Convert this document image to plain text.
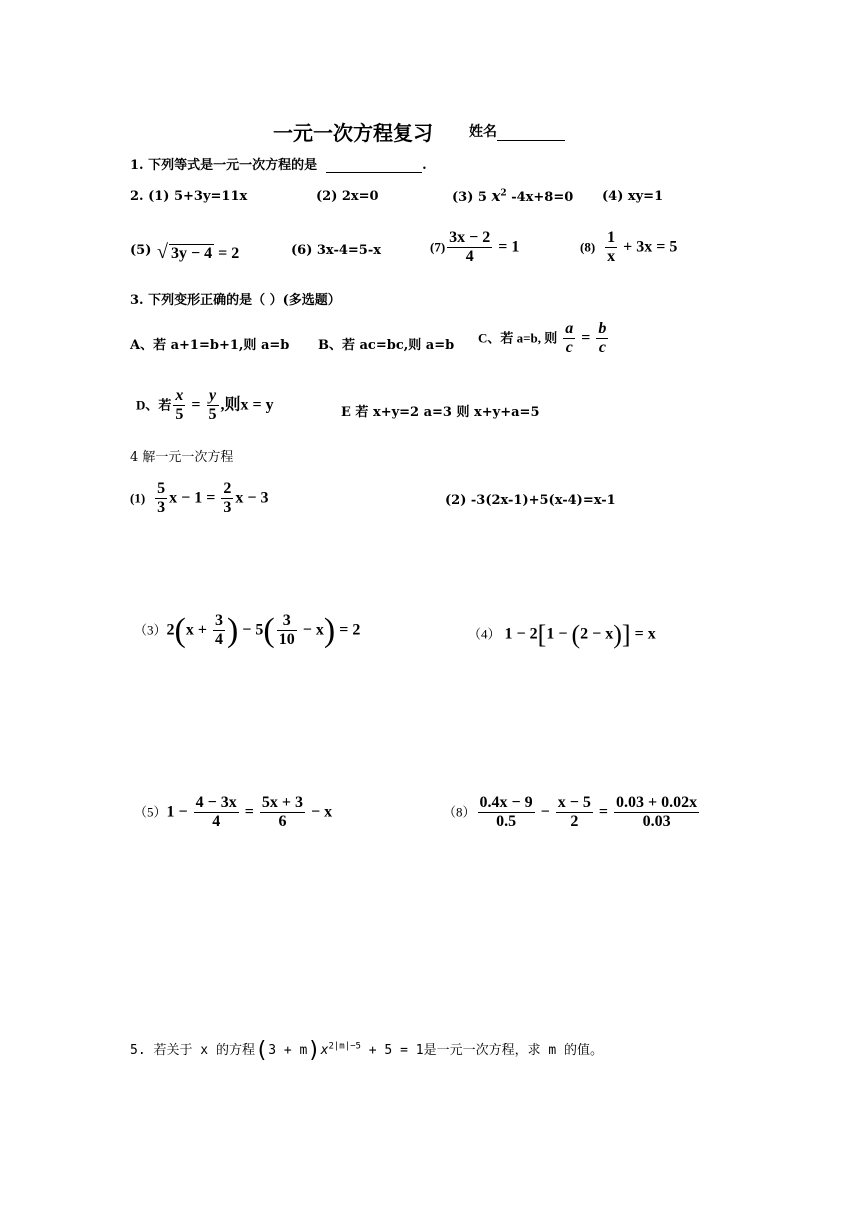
一元一次方程复习	姓名
1. 下列等式是一元一次方程的是	.
2. (1) 5+3y=11x	(2) 2x=0	(3) 5 $x^2$ -4x+8=0 (4) xy=1
(5) √ 3y − 4 = 2	(6) 3x-4=5-x	$(7) \frac{3x - 2}{4} = 1$	$(8) \frac{1}{x} + 3x = 5$
3. 下列变形正确的是（ ）(多选题）
A、若 a+1=b+1,则 a=b B、若 ac=bc,则 a=b C、若 a=b, 则 $\frac{a}{c} = \frac{b}{c}$
D、若 $\frac{x}{5} = \frac{y}{5}$ ,则x = y	E 若 x+y=2 a=3 则 x+y+a=5
4 解一元一次方程
$(1) \frac{5}{3}$ $x - 1 = \frac{2}{3}$ x − 3	(2) -3(2x-1)+5(x-4)=x-1
$(3)2(x + \frac{3}{4}$ ) − $5( \frac{3}{10} - x) = 2$	（4） 1 − 2[1 − (2 − x)] = x
$(5)1 - \frac{4 - 3x}{4} = \frac{5x + 3}{6} - x$	$(8) \frac{0.4x - 9}{0.5} - \frac{x - 5}{2} = \frac{0.03 + 0.02x}{0.03}$
5. 若关于 x 的方程$(3 + m)x^{2|m|-5} + 5 = 1$是一元一次方程，求 m 的值。
